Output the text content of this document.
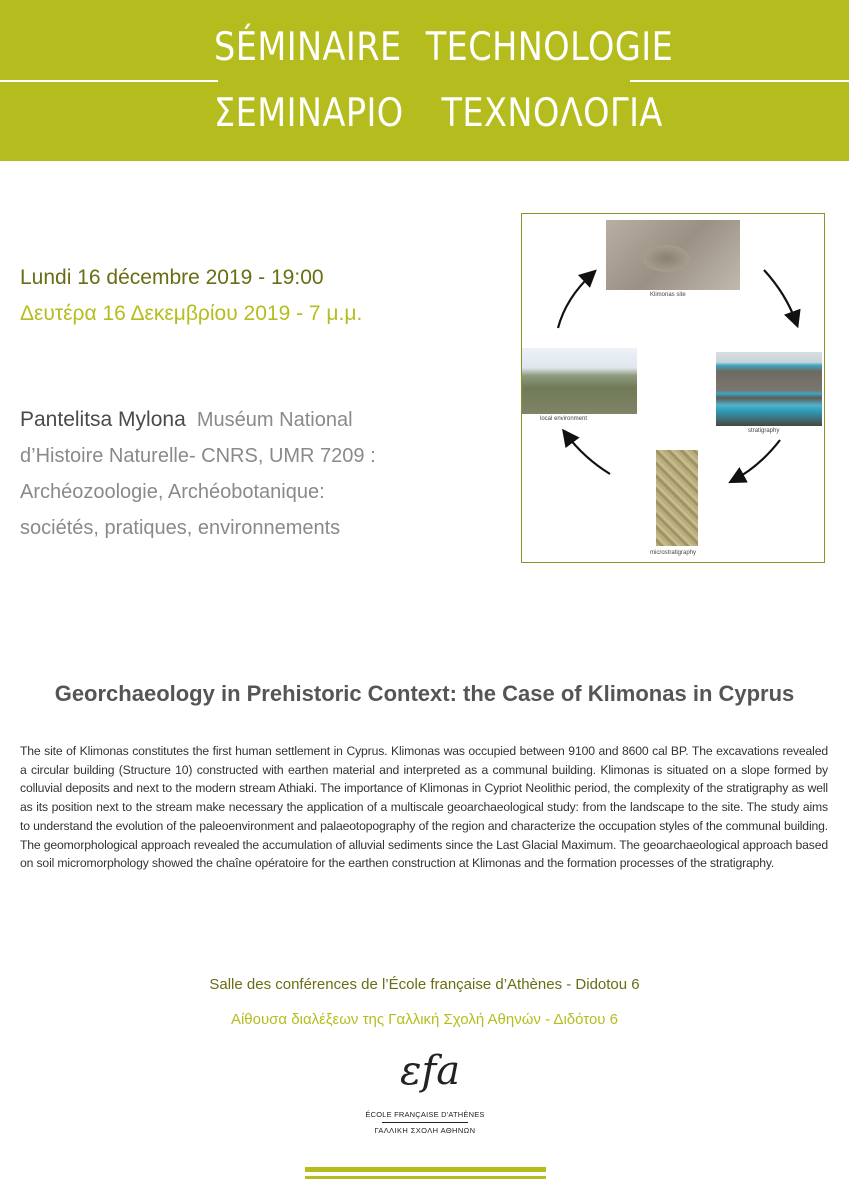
SÉMINAIRE TECHNOLOGIE
ΣΕΜΙΝΑΡΙΟ ΤΕΧΝΟΛΟΓΙΑ
Lundi 16 décembre 2019 - 19:00
Δευτέρα 16 Δεκεμβρίου 2019 - 7 μ.μ.
Pantelitsa Mylona Muséum National d’Histoire Naturelle- CNRS, UMR 7209 : Archéozoologie, Archéobotanique: sociétés, pratiques, environnements
Klimonas site
local environment
stratigraphy
microstratigraphy
Georchaeology in Prehistoric Context: the Case of Klimonas in Cyprus
The site of Klimonas constitutes the first human settlement in Cyprus. Klimonas was occupied between 9100 and 8600 cal BP. The excavations revealed a circular building (Structure 10) constructed with earthen material and interpreted as a communal building. Klimonas is situated on a slope formed by colluvial deposits and next to the modern stream Athiaki. The importance of Klimonas in Cypriot Neolithic period, the complexity of the stratigraphy as well as its position next to the stream make necessary the application of a multiscale geoarchaeological study: from the landscape to the site. The study aims to understand the evolution of the paleoenvironment and palaeotopography of the region and characterize the occupation styles of the communal building. The geomorphological approach revealed the accumulation of alluvial sediments since the Last Glacial Maximum. The geoarchaeological approach based on soil micromorphology showed the chaîne opératoire for the earthen construction at Klimonas and the formation processes of the stratigraphy.
Salle des conférences de l’École française d’Athènes - Didotou 6
Αίθουσα διαλέξεων της Γαλλική Σχολή Αθηνών - Διδότου 6
εfa
ÉCOLE FRANÇAISE D'ATHÈNES
ΓΑΛΛΙΚΗ ΣΧΟΛΗ ΑΘΗΝΩΝ
